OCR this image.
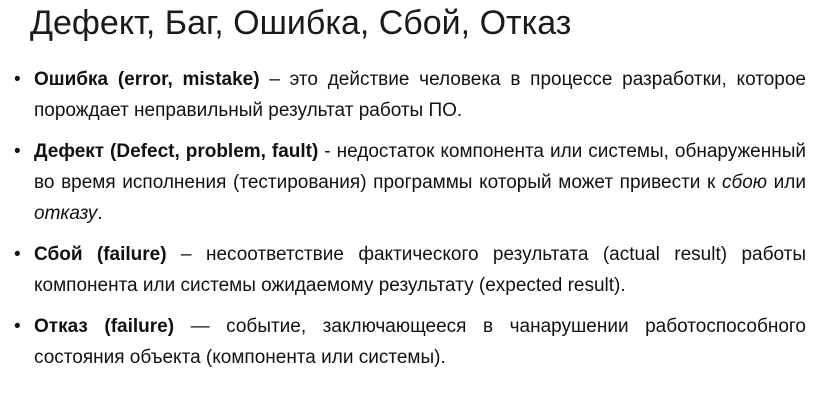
Дефект, Баг, Ошибка, Сбой, Отказ
• Ошибка (error, mistake) – это действие человека в процессе разработки, которое порождает неправильный результат работы ПО.
• Дефект (Defect, problem, fault) - недостаток компонента или системы, обнаруженный во время исполнения (тестирования) программы который может привести к сбою или отказу.
• Сбой (failure) – несоответствие фактического результата (actual result) работы компонента или системы ожидаемому результату (expected result).
• Отказ (failure) — событие, заключающееся в чанарушении работоспособного состояния объекта (компонента или системы).
